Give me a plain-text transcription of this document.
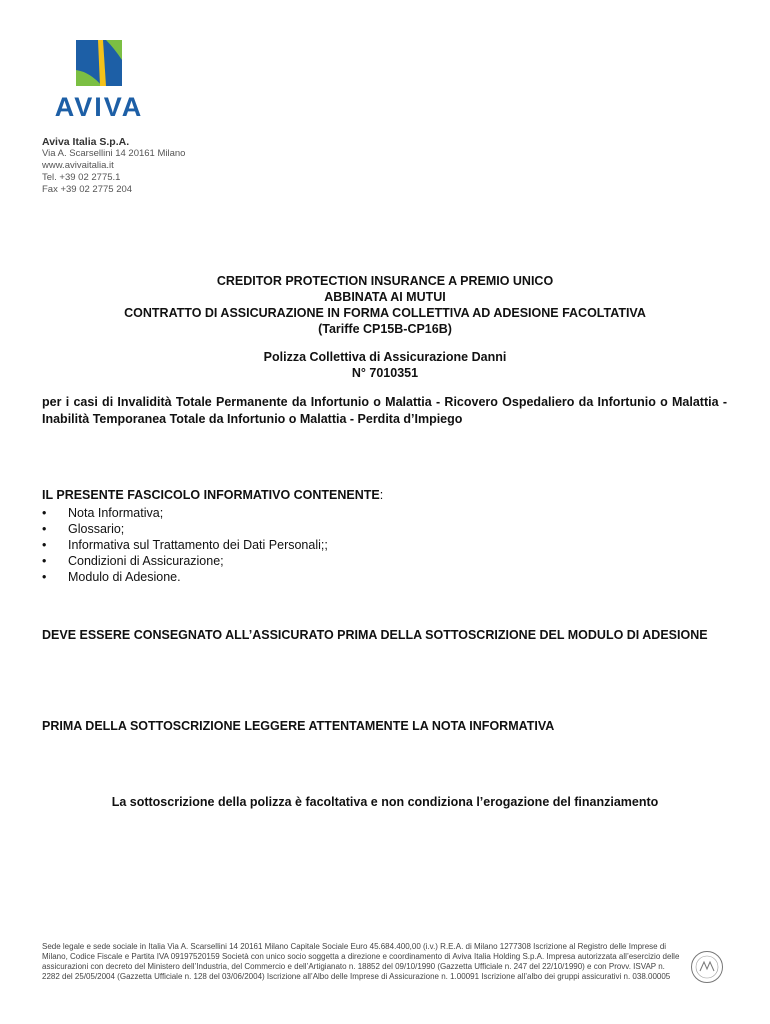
AVIVA
Aviva Italia S.p.A.
Via A. Scarsellini 14 20161 Milano
www.avivaitalia.it
Tel. +39 02 2775.1
Fax +39 02 2775 204
CREDITOR PROTECTION INSURANCE A PREMIO UNICO
ABBINATA AI MUTUI
CONTRATTO DI ASSICURAZIONE IN FORMA COLLETTIVA AD ADESIONE FACOLTATIVA
(Tariffe CP15B-CP16B)
Polizza Collettiva di Assicurazione Danni
N° 7010351
per i casi di Invalidità Totale Permanente da Infortunio o Malattia - Ricovero Ospedaliero da Infortunio o Malattia - Inabilità Temporanea Totale da Infortunio o Malattia - Perdita d’Impiego
IL PRESENTE FASCICOLO INFORMATIVO CONTENENTE:
• Nota Informativa;
• Glossario;
• Informativa sul Trattamento dei Dati Personali;;
• Condizioni di Assicurazione;
• Modulo di Adesione.
DEVE ESSERE CONSEGNATO ALL’ASSICURATO PRIMA DELLA SOTTOSCRIZIONE DEL MODULO DI ADESIONE
PRIMA DELLA SOTTOSCRIZIONE LEGGERE ATTENTAMENTE LA NOTA INFORMATIVA
La sottoscrizione della polizza è facoltativa e non condiziona l’erogazione del finanziamento
Sede legale e sede sociale in Italia Via A. Scarsellini 14 20161 Milano Capitale Sociale Euro 45.684.400,00 (i.v.) R.E.A. di Milano 1277308 Iscrizione al Registro delle Imprese di Milano, Codice Fiscale e Partita IVA 09197520159 Società con unico socio soggetta a direzione e coordinamento di Aviva Italia Holding S.p.A. Impresa autorizzata all’esercizio delle assicurazioni con decreto del Ministero dell’Industria, del Commercio e dell’Artigianato n. 18852 del 09/10/1990 (Gazzetta Ufficiale n. 247 del 22/10/1990) e con Provv. ISVAP n. 2282 del 25/05/2004 (Gazzetta Ufficiale n. 128 del 03/06/2004) Iscrizione all’Albo delle Imprese di Assicurazione n. 1.00091 Iscrizione all’albo dei gruppi assicurativi n. 038.00005
